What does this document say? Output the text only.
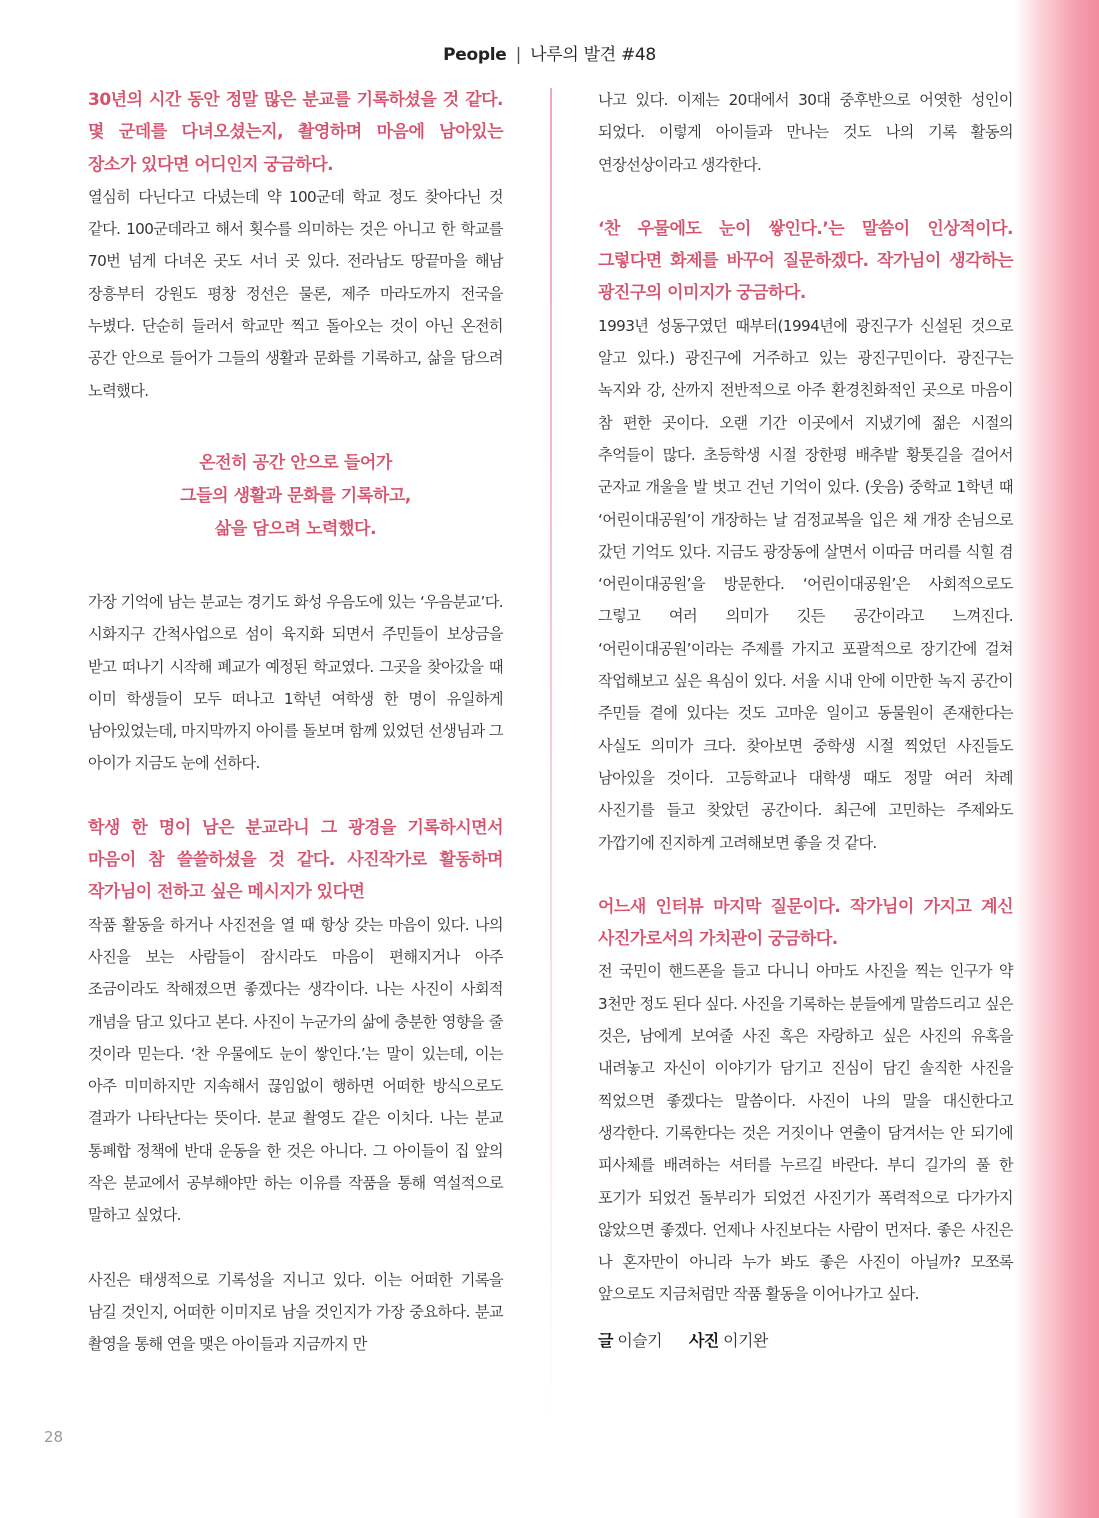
People | 나루의 발견 #48

30년의 시간 동안 정말 많은 분교를 기록하셨을 것 같다. 몇 군데를 다녀오셨는지, 촬영하며 마음에 남아있는 장소가 있다면 어디인지 궁금하다.

열심히 다닌다고 다녔는데 약 100군데 학교 정도 찾아다닌 것 같다. 100군데라고 해서 횟수를 의미하는 것은 아니고 한 학교를 70번 넘게 다녀온 곳도 서너 곳 있다. 전라남도 땅끝마을 해남 장흥부터 강원도 평창 정선은 물론, 제주 마라도까지 전국을 누볐다. 단순히 들러서 학교만 찍고 돌아오는 것이 아닌 온전히 공간 안으로 들어가 그들의 생활과 문화를 기록하고, 삶을 담으려 노력했다.

온전히 공간 안으로 들어가
그들의 생활과 문화를 기록하고,
삶을 담으려 노력했다.

가장 기억에 남는 분교는 경기도 화성 우음도에 있는 ‘우음분교’다. 시화지구 간척사업으로 섬이 육지화 되면서 주민들이 보상금을 받고 떠나기 시작해 폐교가 예정된 학교였다. 그곳을 찾아갔을 때 이미 학생들이 모두 떠나고 1학년 여학생 한 명이 유일하게 남아있었는데, 마지막까지 아이를 돌보며 함께 있었던 선생님과 그 아이가 지금도 눈에 선하다.

학생 한 명이 남은 분교라니 그 광경을 기록하시면서 마음이 참 쓸쓸하셨을 것 같다. 사진작가로 활동하며 작가님이 전하고 싶은 메시지가 있다면

작품 활동을 하거나 사진전을 열 때 항상 갖는 마음이 있다. 나의 사진을 보는 사람들이 잠시라도 마음이 편해지거나 아주 조금이라도 착해졌으면 좋겠다는 생각이다. 나는 사진이 사회적 개념을 담고 있다고 본다. 사진이 누군가의 삶에 충분한 영향을 줄 것이라 믿는다. ‘찬 우물에도 눈이 쌓인다.’는 말이 있는데, 이는 아주 미미하지만 지속해서 끊임없이 행하면 어떠한 방식으로도 결과가 나타난다는 뜻이다. 분교 촬영도 같은 이치다. 나는 분교 통폐합 정책에 반대 운동을 한 것은 아니다. 그 아이들이 집 앞의 작은 분교에서 공부해야만 하는 이유를 작품을 통해 역설적으로 말하고 싶었다.

사진은 태생적으로 기록성을 지니고 있다. 이는 어떠한 기록을 남길 것인지, 어떠한 이미지로 남을 것인지가 가장 중요하다. 분교 촬영을 통해 연을 맺은 아이들과 지금까지 만

나고 있다. 이제는 20대에서 30대 중후반으로 어엿한 성인이 되었다. 이렇게 아이들과 만나는 것도 나의 기록 활동의 연장선상이라고 생각한다.

‘찬 우물에도 눈이 쌓인다.’는 말씀이 인상적이다. 그렇다면 화제를 바꾸어 질문하겠다. 작가님이 생각하는 광진구의 이미지가 궁금하다.

1993년 성동구였던 때부터(1994년에 광진구가 신설된 것으로 알고 있다.) 광진구에 거주하고 있는 광진구민이다. 광진구는 녹지와 강, 산까지 전반적으로 아주 환경친화적인 곳으로 마음이 참 편한 곳이다. 오랜 기간 이곳에서 지냈기에 젊은 시절의 추억들이 많다. 초등학생 시절 장한평 배추밭 황톳길을 걸어서 군자교 개울을 발 벗고 건넌 기억이 있다. (웃음) 중학교 1학년 때 ‘어린이대공원’이 개장하는 날 검정교복을 입은 채 개장 손님으로 갔던 기억도 있다. 지금도 광장동에 살면서 이따금 머리를 식힐 겸 ‘어린이대공원’을 방문한다. ‘어린이대공원’은 사회적으로도 그렇고 여러 의미가 깃든 공간이라고 느껴진다. ‘어린이대공원’이라는 주제를 가지고 포괄적으로 장기간에 걸쳐 작업해보고 싶은 욕심이 있다. 서울 시내 안에 이만한 녹지 공간이 주민들 곁에 있다는 것도 고마운 일이고 동물원이 존재한다는 사실도 의미가 크다. 찾아보면 중학생 시절 찍었던 사진들도 남아있을 것이다. 고등학교나 대학생 때도 정말 여러 차례 사진기를 들고 찾았던 공간이다. 최근에 고민하는 주제와도 가깝기에 진지하게 고려해보면 좋을 것 같다.

어느새 인터뷰 마지막 질문이다. 작가님이 가지고 계신 사진가로서의 가치관이 궁금하다.

전 국민이 핸드폰을 들고 다니니 아마도 사진을 찍는 인구가 약 3천만 정도 된다 싶다. 사진을 기록하는 분들에게 말씀드리고 싶은 것은, 남에게 보여줄 사진 혹은 자랑하고 싶은 사진의 유혹을 내려놓고 자신이 이야기가 담기고 진심이 담긴 솔직한 사진을 찍었으면 좋겠다는 말씀이다. 사진이 나의 말을 대신한다고 생각한다. 기록한다는 것은 거짓이나 연출이 담겨서는 안 되기에 피사체를 배려하는 셔터를 누르길 바란다. 부디 길가의 풀 한 포기가 되었건 돌부리가 되었건 사진기가 폭력적으로 다가가지 않았으면 좋겠다. 언제나 사진보다는 사람이 먼저다. 좋은 사진은 나 혼자만이 아니라 누가 봐도 좋은 사진이 아닐까? 모쪼록 앞으로도 지금처럼만 작품 활동을 이어나가고 싶다.

글 이슬기 사진 이기완
28
